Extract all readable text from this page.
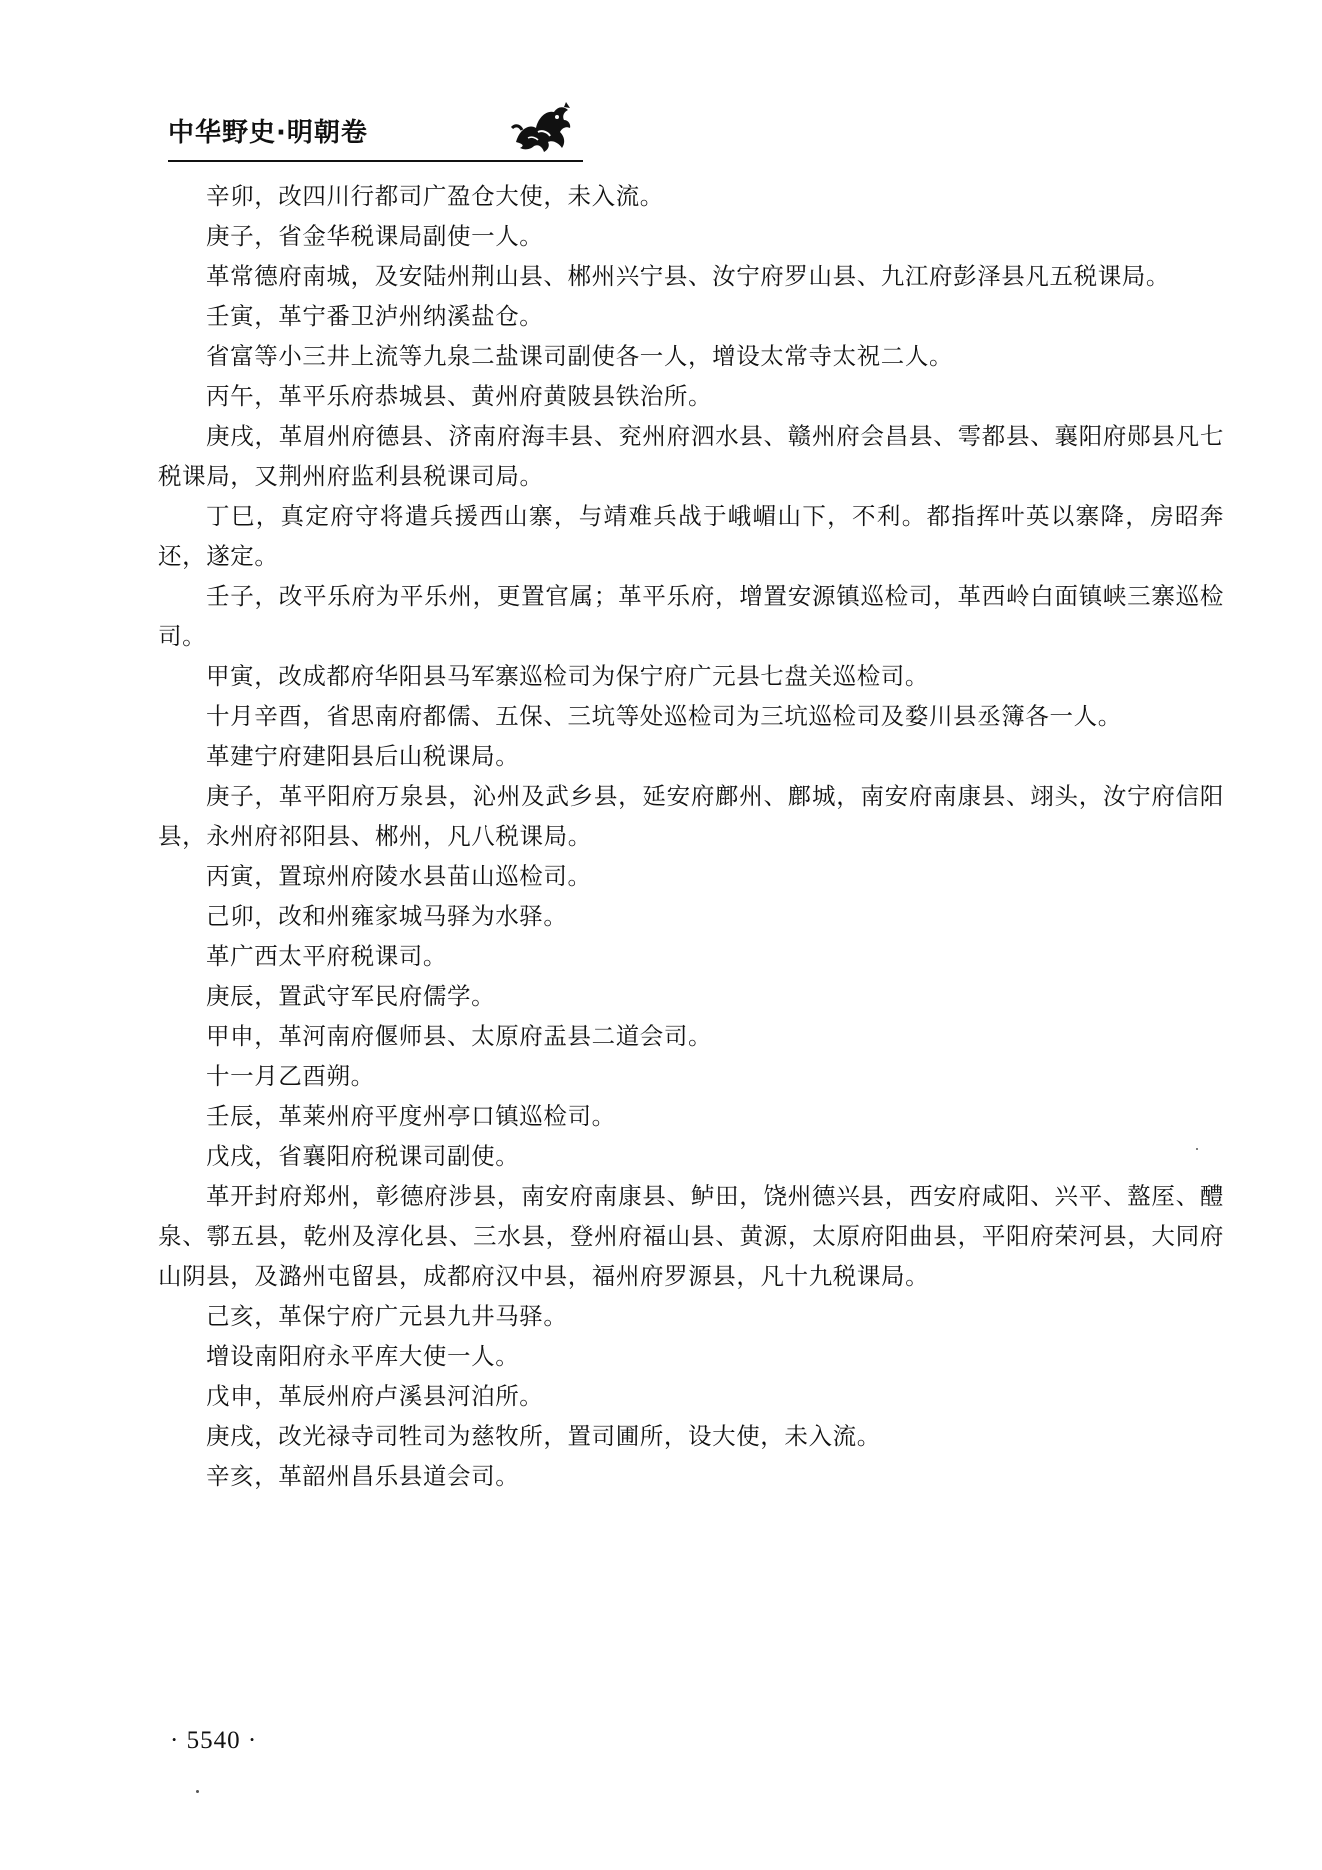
中华野史·明朝卷

辛卯，改四川行都司广盈仓大使，未入流。

庚子，省金华税课局副使一人。

革常德府南城，及安陆州荆山县、郴州兴宁县、汝宁府罗山县、九江府彭泽县凡五税课局。

壬寅，革宁番卫泸州纳溪盐仓。

省富等小三井上流等九泉二盐课司副使各一人，增设太常寺太祝二人。

丙午，革平乐府恭城县、黄州府黄陂县铁治所。

庚戌，革眉州府德县、济南府海丰县、兖州府泗水县、赣州府会昌县、雩都县、襄阳府郧县凡七税课局，又荆州府监利县税课司局。

丁巳，真定府守将遣兵援西山寨，与靖难兵战于峨嵋山下，不利。都指挥叶英以寨降，房昭奔还，遂定。

壬子，改平乐府为平乐州，更置官属；革平乐府，增置安源镇巡检司，革西岭白面镇峡三寨巡检司。

甲寅，改成都府华阳县马军寨巡检司为保宁府广元县七盘关巡检司。

十月辛酉，省思南府都儒、五保、三坑等处巡检司为三坑巡检司及婺川县丞簿各一人。

革建宁府建阳县后山税课局。

庚子，革平阳府万泉县，沁州及武乡县，延安府鄜州、鄜城，南安府南康县、翊头，汝宁府信阳县，永州府祁阳县、郴州，凡八税课局。

丙寅，置琼州府陵水县苗山巡检司。

己卯，改和州雍家城马驿为水驿。

革广西太平府税课司。

庚辰，置武守军民府儒学。

甲申，革河南府偃师县、太原府盂县二道会司。

十一月乙酉朔。

壬辰，革莱州府平度州亭口镇巡检司。

戊戌，省襄阳府税课司副使。

革开封府郑州，彰德府涉县，南安府南康县、鲈田，饶州德兴县，西安府咸阳、兴平、盩厔、醴泉、鄠五县，乾州及淳化县、三水县，登州府福山县、黄源，太原府阳曲县，平阳府荣河县，大同府山阴县，及潞州屯留县，成都府汉中县，福州府罗源县，凡十九税课局。

己亥，革保宁府广元县九井马驿。

增设南阳府永平库大使一人。

戊申，革辰州府卢溪县河泊所。

庚戌，改光禄寺司牲司为慈牧所，置司圃所，设大使，未入流。

辛亥，革韶州昌乐县道会司。

· 5540 ·
